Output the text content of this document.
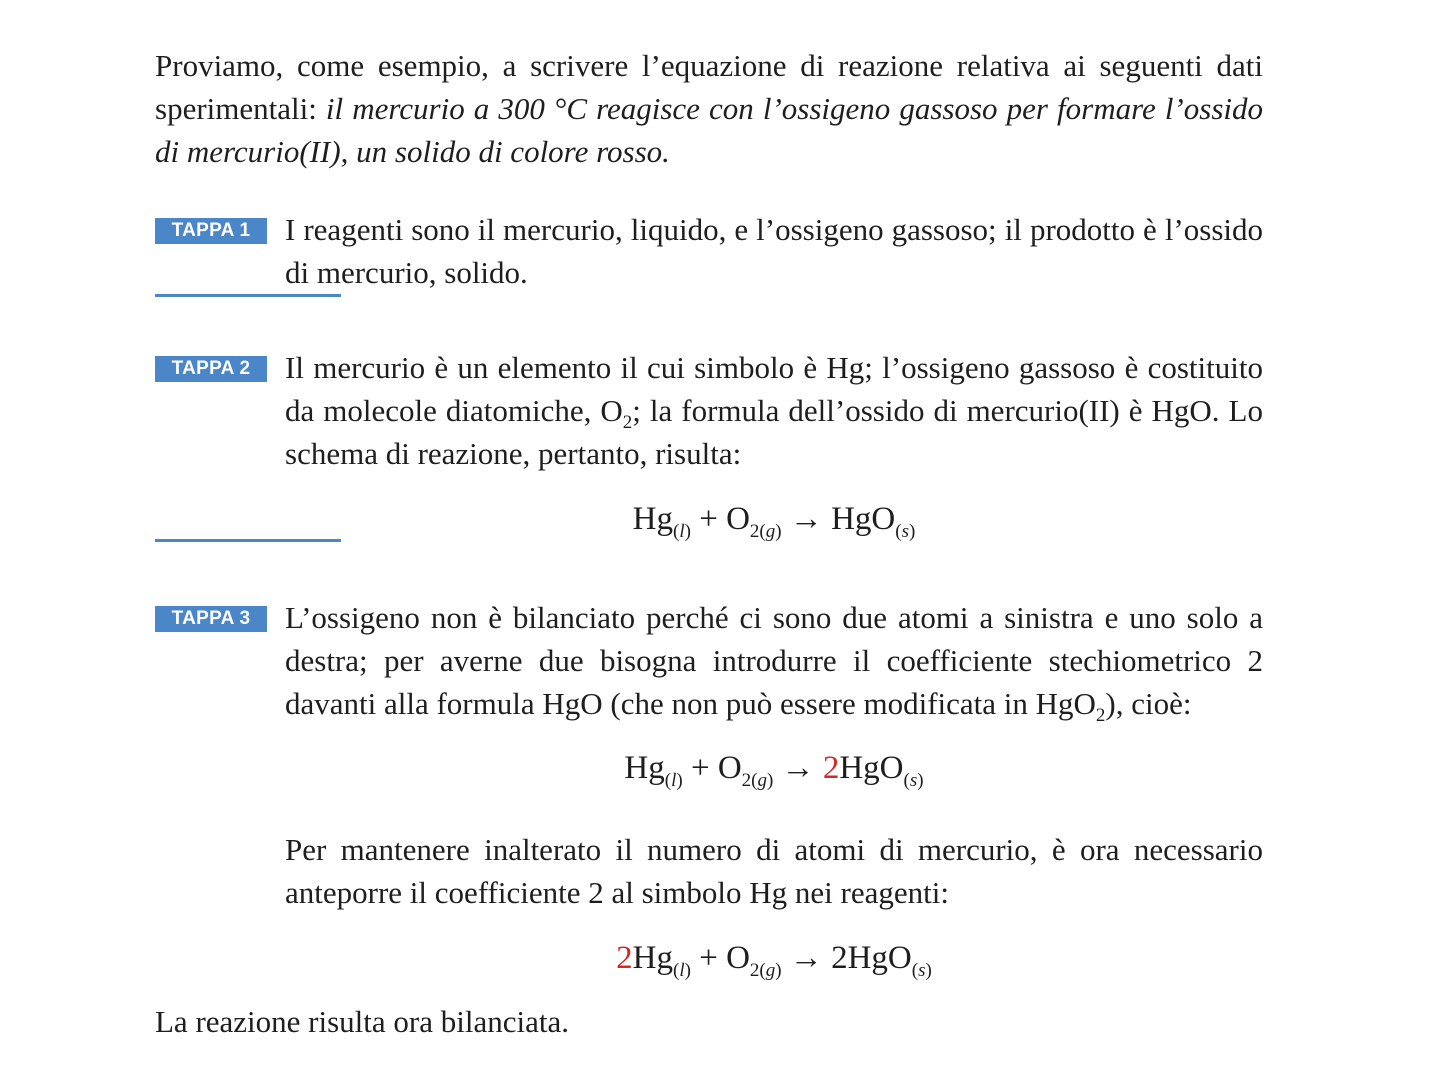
Proviamo, come esempio, a scrivere l’equazione di reazione relativa ai seguenti dati sperimentali: il mercurio a 300 °C reagisce con l’ossigeno gassoso per formare l’ossido di mercurio(II), un solido di colore rosso.

TAPPA 1	I reagenti sono il mercurio, liquido, e l’ossigeno gassoso; il prodotto è l’ossido di mercurio, solido.

TAPPA 2	Il mercurio è un elemento il cui simbolo è Hg; l’ossigeno gassoso è costituito da molecole diatomiche, $O_2$; la formula dell’ossido di mercurio(II) è HgO. Lo schema di reazione, pertanto, risulta:

$Hg_{(l)} + O_{2(g)} \to HgO_{(s)}$
TAPPA 3	L’ossigeno non è bilanciato perché ci sono due atomi a sinistra e uno solo a destra; per averne due bisogna introdurre il coefficiente stechiometrico 2 davanti alla formula HgO (che non può essere modificata in HgO$_2$), cioè:

$Hg_{(l)} + O_{2(g)} \to 2HgO_{(s)}$

Per mantenere inalterato il numero di atomi di mercurio, è ora necessario anteporre il coefficiente 2 al simbolo Hg nei reagenti:

$2Hg_{(l)} + O_{2(g)} \to 2HgO_{(s)}$

La reazione risulta ora bilanciata.
